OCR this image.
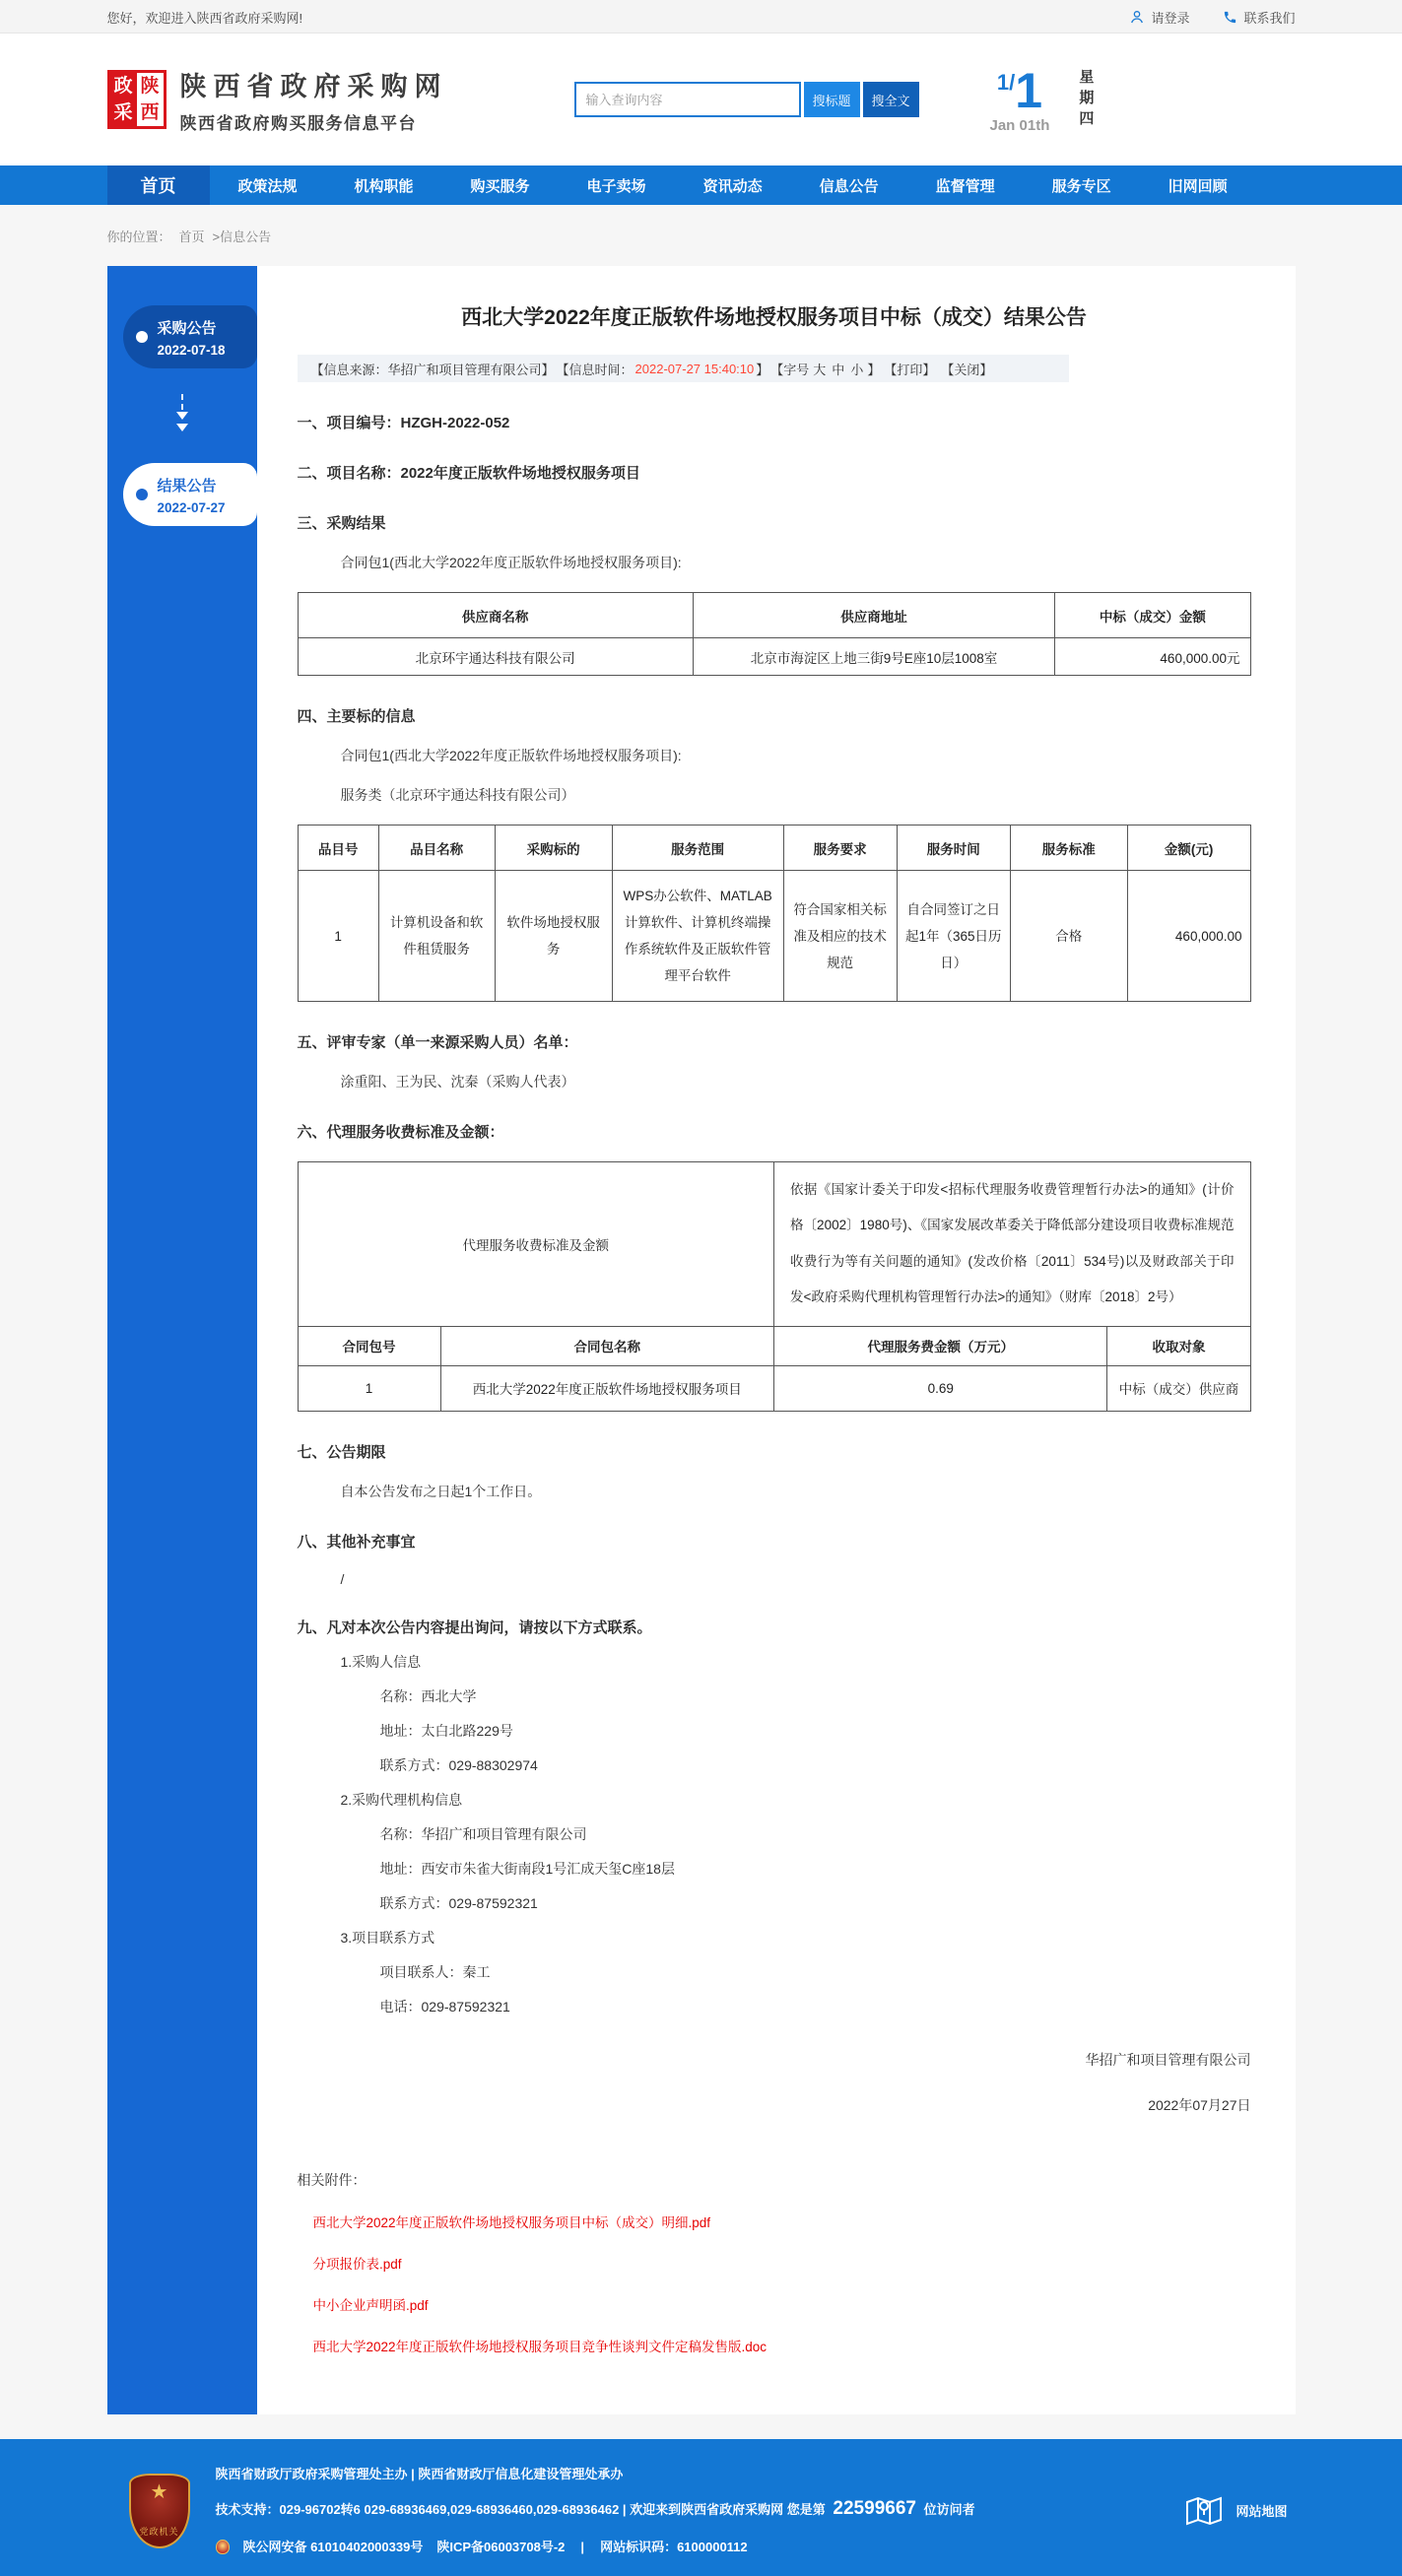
您好，欢迎进入陕西省政府采购网!	请登录	联系我们
政 陕
采 西
陕西省政府采购网
陕西省政府购买服务信息平台
输入查询内容
搜标题	搜全文
1/1
Jan 01th 星期四
首页	政策法规	机构职能	购买服务	电子卖场	资讯动态	信息公告	监督管理	服务专区	旧网回顾
你的位置： 首页 >信息公告
采购公告
2022-07-18
结果公告
2022-07-27
西北大学2022年度正版软件场地授权服务项目中标（成交）结果公告
【信息来源：华招广和项目管理有限公司】 【信息时间： 2022-07-27 15:40:10 】 【字号 大 中 小 】 【打印】 【关闭】
一、项目编号：HZGH-2022-052
二、项目名称：2022年度正版软件场地授权服务项目
三、采购结果
合同包1(西北大学2022年度正版软件场地授权服务项目):
供应商名称	供应商地址	中标（成交）金额
北京环宇通达科技有限公司	北京市海淀区上地三街9号E座10层1008室	460,000.00元
四、主要标的信息
合同包1(西北大学2022年度正版软件场地授权服务项目):
服务类（北京环宇通达科技有限公司）
品目号	品目名称	采购标的	服务范围	服务要求	服务时间	服务标准	金额(元)
1	计算机设备和软件租赁服务	软件场地授权服务	WPS办公软件、MATLAB计算软件、计算机终端操作系统软件及正版软件管理平台软件	符合国家相关标准及相应的技术规范	自合同签订之日起1年（365日历日）	合格	460,000.00
五、评审专家（单一来源采购人员）名单：
涂重阳、王为民、沈秦（采购人代表）
六、代理服务收费标准及金额：
代理服务收费标准及金额		依据《国家计委关于印发<招标代理服务收费管理暂行办法>的通知》(计价格〔2002〕1980号)、《国家发展改革委关于降低部分建设项目收费标准规范收费行为等有关问题的通知》(发改价格〔2011〕534号)以及财政部关于印发<政府采购代理机构管理暂行办法>的通知》（财库〔2018〕2号）	
合同包号	合同包名称	代理服务费金额（万元）	收取对象
1	西北大学2022年度正版软件场地授权服务项目	0.69	中标（成交）供应商
七、公告期限
自本公告发布之日起1个工作日。
八、其他补充事宜
/
九、凡对本次公告内容提出询问，请按以下方式联系。
1.采购人信息
名称：西北大学
地址：太白北路229号
联系方式：029-88302974
2.采购代理机构信息
名称：华招广和项目管理有限公司
地址：西安市朱雀大街南段1号汇成天玺C座18层
联系方式：029-87592321
3.项目联系方式
项目联系人：秦工
电话：029-87592321
华招广和项目管理有限公司
2022年07月27日
相关附件：
西北大学2022年度正版软件场地授权服务项目中标（成交）明细.pdf
分项报价表.pdf
中小企业声明函.pdf
西北大学2022年度正版软件场地授权服务项目竞争性谈判文件定稿发售版.doc
★
党政机关
陕西省财政厅政府采购管理处主办 | 陕西省财政厅信息化建设管理处承办
技术支持：029-96702转6 029-68936469,029-68936460,029-68936462 | 欢迎来到陕西省政府采购网 您是第 22599667 位访问者
陕公网安备 61010402000339号 陕ICP备06003708号-2 | 网站标识码：6100000112
网站地图
